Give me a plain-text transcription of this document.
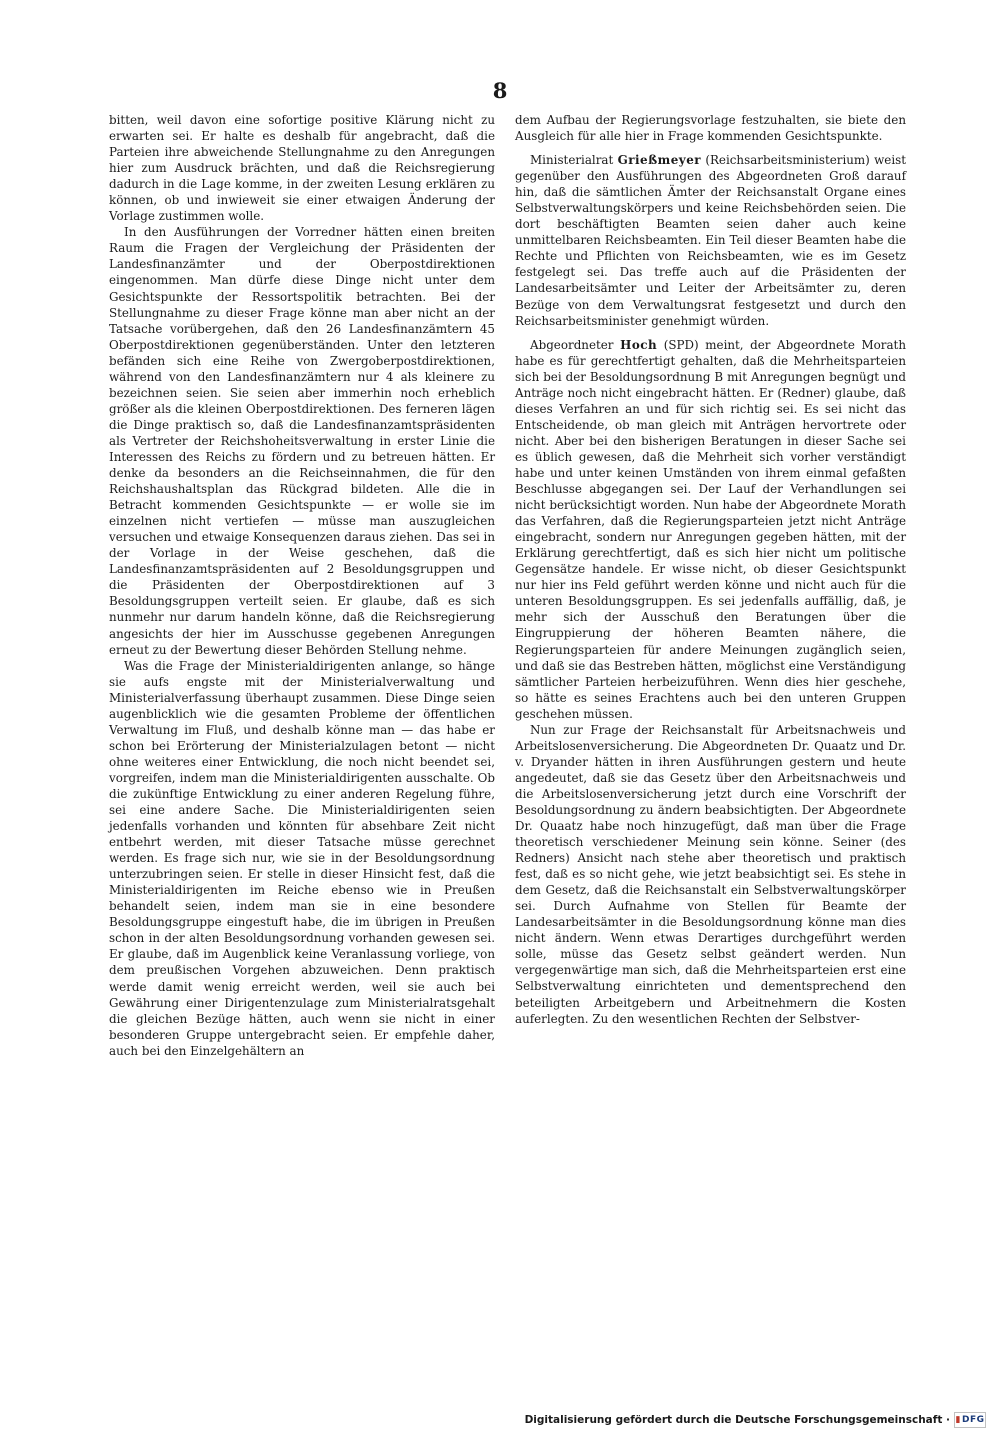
8

bitten, weil davon eine sofortige positive Klärung nicht zu erwarten sei. Er halte es deshalb für angebracht, daß die Parteien ihre abweichende Stellungnahme zu den Anregungen hier zum Ausdruck brächten, und daß die Reichsregierung dadurch in die Lage komme, in der zweiten Lesung erklären zu können, ob und inwieweit sie einer etwaigen Änderung der Vorlage zustimmen wolle.

In den Ausführungen der Vorredner hätten einen breiten Raum die Fragen der Vergleichung der Präsidenten der Landesfinanzämter und der Oberpostdirektionen eingenommen. Man dürfe diese Dinge nicht unter dem Gesichtspunkte der Ressortspolitik betrachten. Bei der Stellungnahme zu dieser Frage könne man aber nicht an der Tatsache vorübergehen, daß den 26 Landesfinanzämtern 45 Oberpostdirektionen gegenüberständen. Unter den letzteren befänden sich eine Reihe von Zwergoberpostdirektionen, während von den Landesfinanzämtern nur 4 als kleinere zu bezeichnen seien. Sie seien aber immerhin noch erheblich größer als die kleinen Oberpostdirektionen. Des ferneren lägen die Dinge praktisch so, daß die Landesfinanzamtspräsidenten als Vertreter der Reichshoheitsverwaltung in erster Linie die Interessen des Reichs zu fördern und zu betreuen hätten. Er denke da besonders an die Reichseinnahmen, die für den Reichshaushaltsplan das Rückgrad bildeten. Alle die in Betracht kommenden Gesichtspunkte — er wolle sie im einzelnen nicht vertiefen — müsse man auszugleichen versuchen und etwaige Konsequenzen daraus ziehen. Das sei in der Vorlage in der Weise geschehen, daß die Landesfinanzamtspräsidenten auf 2 Besoldungsgruppen und die Präsidenten der Oberpostdirektionen auf 3 Besoldungsgruppen verteilt seien. Er glaube, daß es sich nunmehr nur darum handeln könne, daß die Reichsregierung angesichts der hier im Ausschusse gegebenen Anregungen erneut zu der Bewertung dieser Behörden Stellung nehme.

Was die Frage der Ministerialdirigenten anlange, so hänge sie aufs engste mit der Ministerialverwaltung und Ministerialverfassung überhaupt zusammen. Diese Dinge seien augenblicklich wie die gesamten Probleme der öffentlichen Verwaltung im Fluß, und deshalb könne man — das habe er schon bei Erörterung der Ministerialzulagen betont — nicht ohne weiteres einer Entwicklung, die noch nicht beendet sei, vorgreifen, indem man die Ministerialdirigenten ausschalte. Ob die zukünftige Entwicklung zu einer anderen Regelung führe, sei eine andere Sache. Die Ministerialdirigenten seien jedenfalls vorhanden und könnten für absehbare Zeit nicht entbehrt werden, mit dieser Tatsache müsse gerechnet werden. Es frage sich nur, wie sie in der Besoldungsordnung unterzubringen seien. Er stelle in dieser Hinsicht fest, daß die Ministerialdirigenten im Reiche ebenso wie in Preußen behandelt seien, indem man sie in eine besondere Besoldungsgruppe eingestuft habe, die im übrigen in Preußen schon in der alten Besoldungsordnung vorhanden gewesen sei. Er glaube, daß im Augenblick keine Veranlassung vorliege, von dem preußischen Vorgehen abzuweichen. Denn praktisch werde damit wenig erreicht werden, weil sie auch bei Gewährung einer Dirigentenzulage zum Ministerialratsgehalt die gleichen Bezüge hätten, auch wenn sie nicht in einer besonderen Gruppe untergebracht seien. Er empfehle daher, auch bei den Einzelgehältern an

dem Aufbau der Regierungsvorlage festzuhalten, sie biete den Ausgleich für alle hier in Frage kommenden Gesichtspunkte.

Ministerialrat Grießmeyer (Reichsarbeitsministerium) weist gegenüber den Ausführungen des Abgeordneten Groß darauf hin, daß die sämtlichen Ämter der Reichsanstalt Organe eines Selbstverwaltungskörpers und keine Reichsbehörden seien. Die dort beschäftigten Beamten seien daher auch keine unmittelbaren Reichsbeamten. Ein Teil dieser Beamten habe die Rechte und Pflichten von Reichsbeamten, wie es im Gesetz festgelegt sei. Das treffe auch auf die Präsidenten der Landesarbeitsämter und Leiter der Arbeitsämter zu, deren Bezüge von dem Verwaltungsrat festgesetzt und durch den Reichsarbeitsminister genehmigt würden.

Abgeordneter Hoch (SPD) meint, der Abgeordnete Morath habe es für gerechtfertigt gehalten, daß die Mehrheitsparteien sich bei der Besoldungsordnung B mit Anregungen begnügt und Anträge noch nicht eingebracht hätten. Er (Redner) glaube, daß dieses Verfahren an und für sich richtig sei. Es sei nicht das Entscheidende, ob man gleich mit Anträgen hervortrete oder nicht. Aber bei den bisherigen Beratungen in dieser Sache sei es üblich gewesen, daß die Mehrheit sich vorher verständigt habe und unter keinen Umständen von ihrem einmal gefaßten Beschlusse abgegangen sei. Der Lauf der Verhandlungen sei nicht berücksichtigt worden. Nun habe der Abgeordnete Morath das Verfahren, daß die Regierungsparteien jetzt nicht Anträge eingebracht, sondern nur Anregungen gegeben hätten, mit der Erklärung gerechtfertigt, daß es sich hier nicht um politische Gegensätze handele. Er wisse nicht, ob dieser Gesichtspunkt nur hier ins Feld geführt werden könne und nicht auch für die unteren Besoldungsgruppen. Es sei jedenfalls auffällig, daß, je mehr sich der Ausschuß den Beratungen über die Eingruppierung der höheren Beamten nähere, die Regierungsparteien für andere Meinungen zugänglich seien, und daß sie das Bestreben hätten, möglichst eine Verständigung sämtlicher Parteien herbeizuführen. Wenn dies hier geschehe, so hätte es seines Erachtens auch bei den unteren Gruppen geschehen müssen.

Nun zur Frage der Reichsanstalt für Arbeitsnachweis und Arbeitslosenversicherung. Die Abgeordneten Dr. Quaatz und Dr. v. Dryander hätten in ihren Ausführungen gestern und heute angedeutet, daß sie das Gesetz über den Arbeitsnachweis und die Arbeitslosenversicherung jetzt durch eine Vorschrift der Besoldungsordnung zu ändern beabsichtigten. Der Abgeordnete Dr. Quaatz habe noch hinzugefügt, daß man über die Frage theoretisch verschiedener Meinung sein könne. Seiner (des Redners) Ansicht nach stehe aber theoretisch und praktisch fest, daß es so nicht gehe, wie jetzt beabsichtigt sei. Es stehe in dem Gesetz, daß die Reichsanstalt ein Selbstverwaltungskörper sei. Durch Aufnahme von Stellen für Beamte der Landesarbeitsämter in die Besoldungsordnung könne man dies nicht ändern. Wenn etwas Derartiges durchgeführt werden solle, müsse das Gesetz selbst geändert werden. Nun vergegenwärtige man sich, daß die Mehrheitsparteien erst eine Selbstverwaltung einrichteten und dementsprechend den beteiligten Arbeitgebern und Arbeitnehmern die Kosten auferlegten. Zu den wesentlichen Rechten der Selbstver-

Digitalisierung gefördert durch die Deutsche Forschungsgemeinschaft · ▮ DFG
